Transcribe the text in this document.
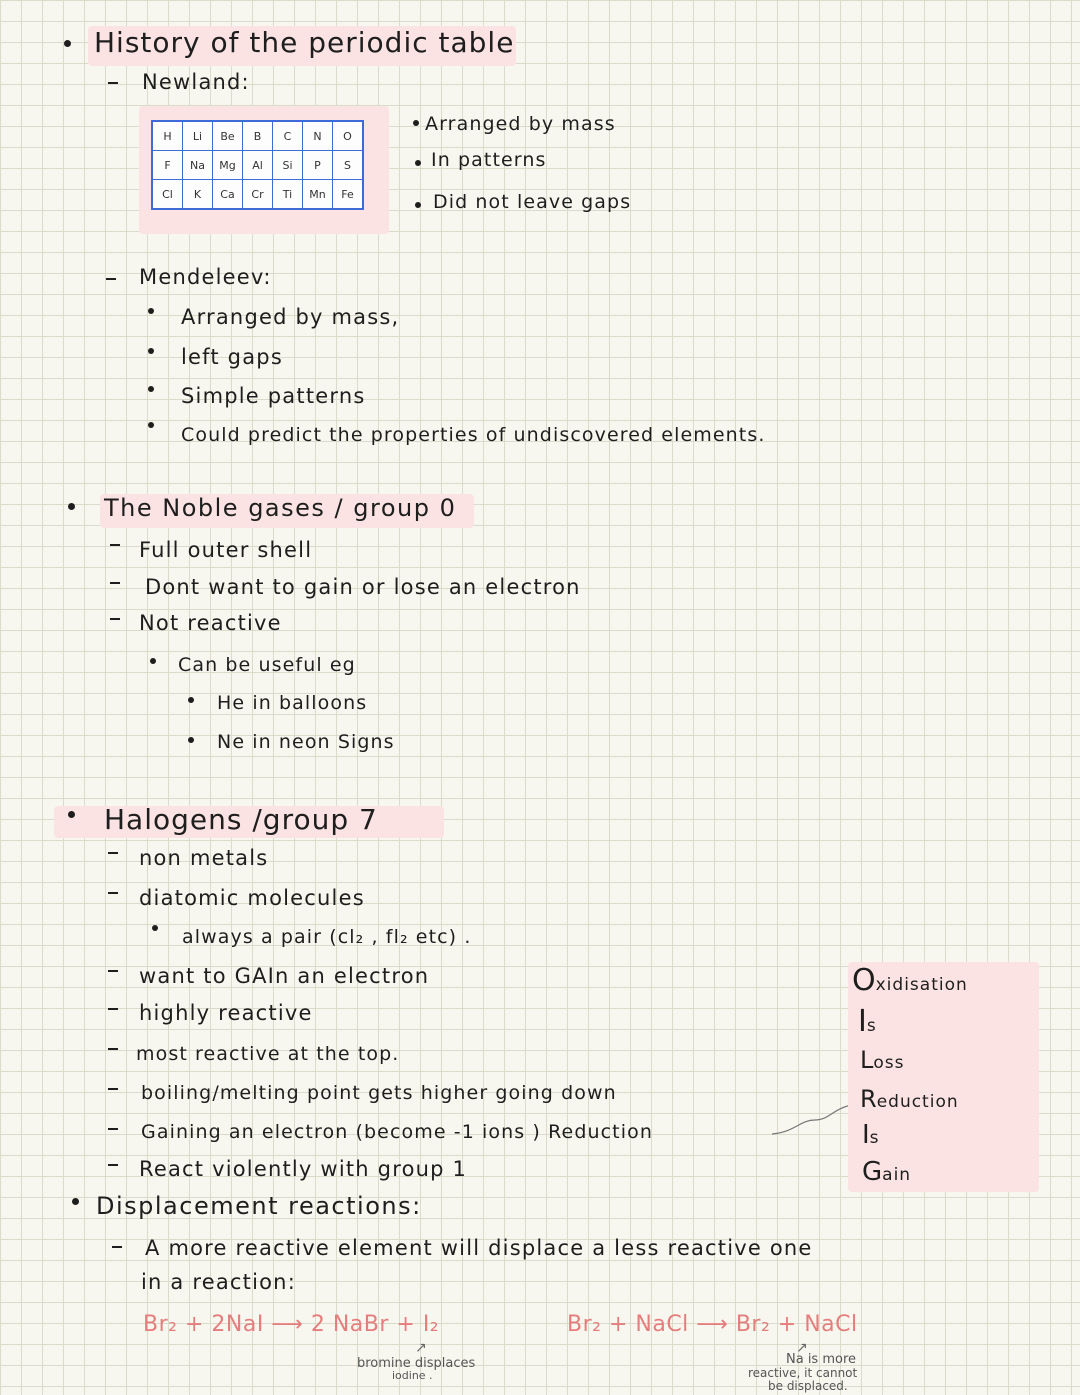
History of the periodic table
Newland:
H	Li	Be	B	C	N	O
F	Na	Mg	Al	Si	P	S
Cl	K	Ca	Cr	Ti	Mn	Fe
Arranged by mass
In patterns
Did not leave gaps
Mendeleev:
Arranged by mass,
left gaps
Simple patterns
Could predict the properties of undiscovered elements.
The Noble gases / group 0
Full outer shell
Dont want to gain or lose an electron
Not reactive
Can be useful eg
He in balloons
Ne in neon Signs
Halogens /group 7
non metals
diatomic molecules
always a pair (cl₂ , fl₂ etc) .
want to GAIn an electron
highly reactive
most reactive at the top.
boiling/melting point gets higher going down
Gaining an electron (become -1 ions ) Reduction
React violently with group 1
Oxidisation
Is
Loss
Reduction
Is
Gain
Displacement reactions:
A more reactive element will displace a less reactive one
in a reaction:
Br₂ + 2NaI ⟶ 2 NaBr + I₂
↗
bromine displaces
iodine .
Br₂ + NaCl ⟶ Br₂ + NaCl
↗
Na is more
reactive, it cannot
be displaced.
